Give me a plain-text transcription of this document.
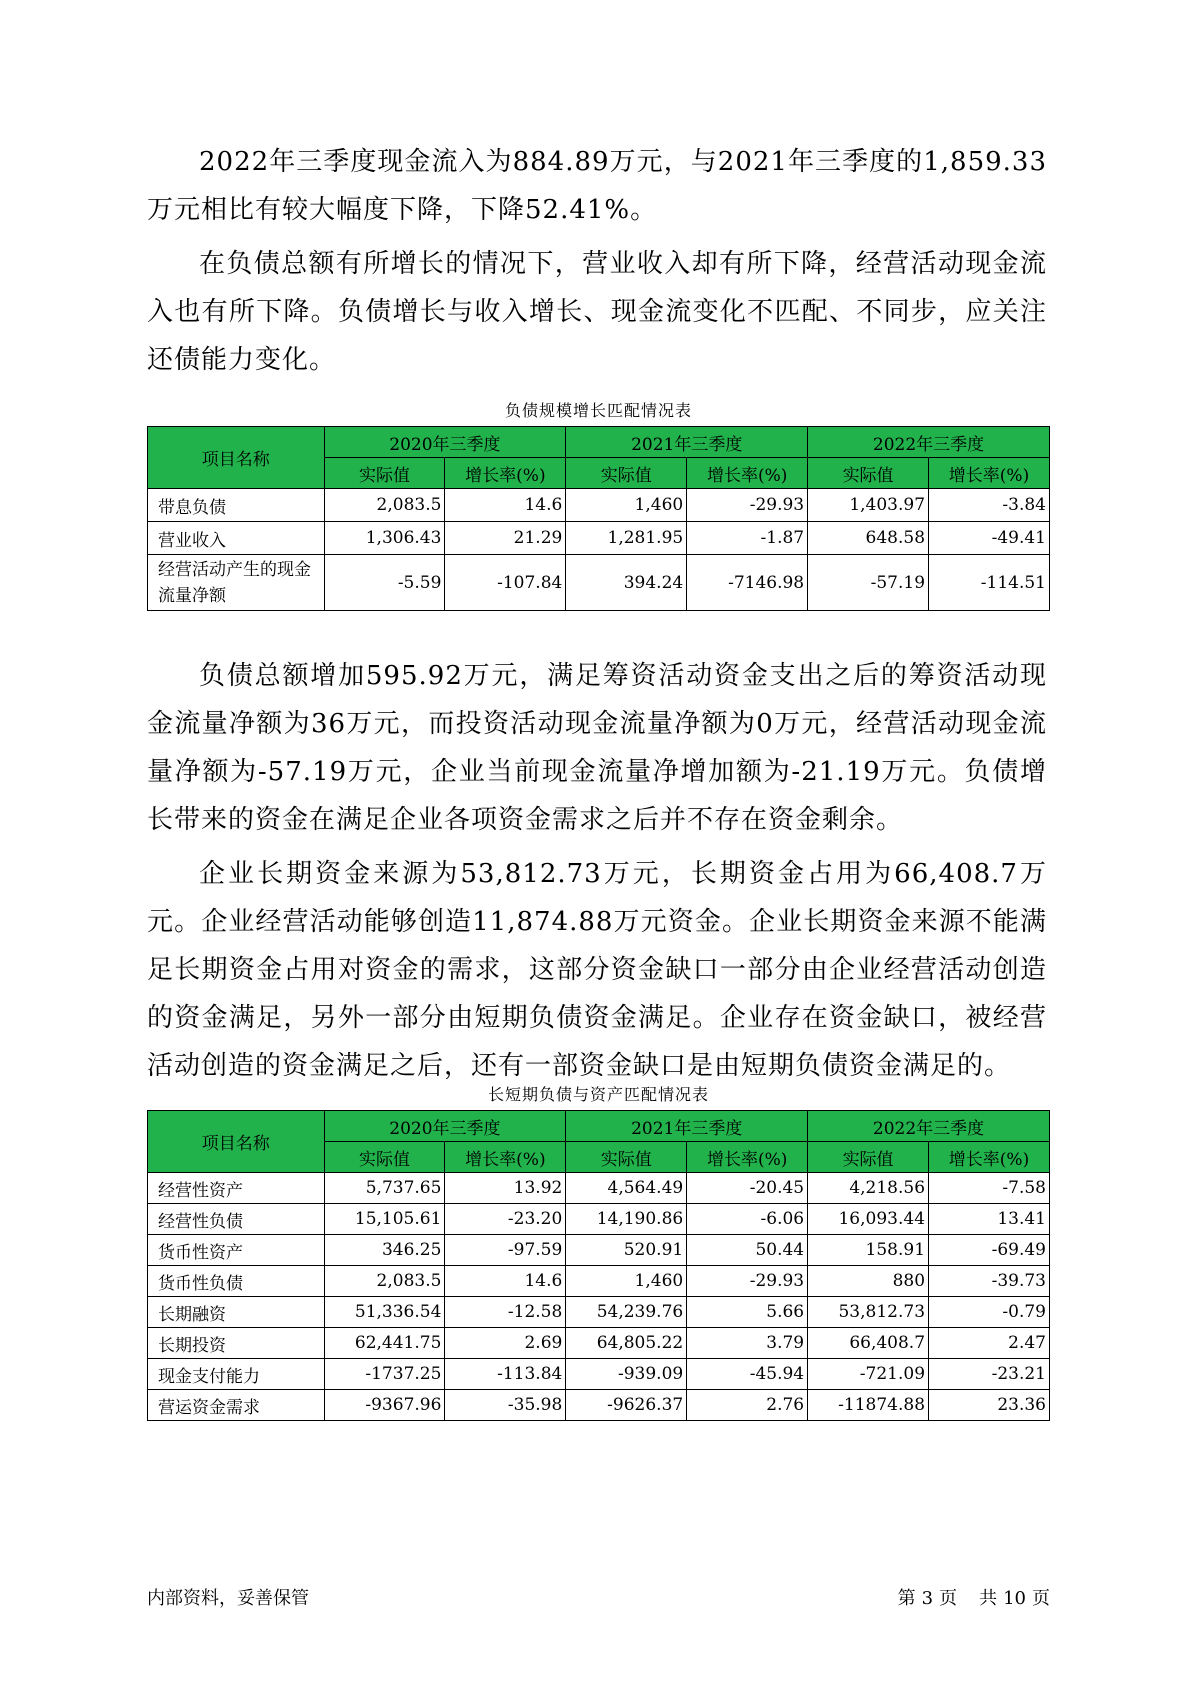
2022年三季度现金流入为884.89万元，与2021年三季度的1,859.33万元相比有较大幅度下降，下降52.41%。

在负债总额有所增长的情况下，营业收入却有所下降，经营活动现金流入也有所下降。负债增长与收入增长、现金流变化不匹配、不同步，应关注还债能力变化。

负债规模增长匹配情况表
项目名称	2020年三季度		2021年三季度		2022年三季度	
	实际值	增长率(%)	实际值	增长率(%)	实际值	增长率(%)
带息负债	2,083.5	14.6	1,460	-29.93	1,403.97	-3.84
营业收入	1,306.43	21.29	1,281.95	-1.87	648.58	-49.41
经营活动产生的现金流量净额	-5.59	-107.84	394.24	-7146.98	-57.19	-114.51

负债总额增加595.92万元，满足筹资活动资金支出之后的筹资活动现金流量净额为36万元，而投资活动现金流量净额为0万元，经营活动现金流量净额为-57.19万元，企业当前现金流量净增加额为-21.19万元。负债增长带来的资金在满足企业各项资金需求之后并不存在资金剩余。

企业长期资金来源为53,812.73万元，长期资金占用为66,408.7万元。企业经营活动能够创造11,874.88万元资金。企业长期资金来源不能满足长期资金占用对资金的需求，这部分资金缺口一部分由企业经营活动创造的资金满足，另外一部分由短期负债资金满足。企业存在资金缺口，被经营活动创造的资金满足之后，还有一部资金缺口是由短期负债资金满足的。

长短期负债与资产匹配情况表
项目名称	2020年三季度		2021年三季度		2022年三季度	
	实际值	增长率(%)	实际值	增长率(%)	实际值	增长率(%)
经营性资产	5,737.65	13.92	4,564.49	-20.45	4,218.56	-7.58
经营性负债	15,105.61	-23.20	14,190.86	-6.06	16,093.44	13.41
货币性资产	346.25	-97.59	520.91	50.44	158.91	-69.49
货币性负债	2,083.5	14.6	1,460	-29.93	880	-39.73
长期融资	51,336.54	-12.58	54,239.76	5.66	53,812.73	-0.79
长期投资	62,441.75	2.69	64,805.22	3.79	66,408.7	2.47
现金支付能力	-1737.25	-113.84	-939.09	-45.94	-721.09	-23.21
营运资金需求	-9367.96	-35.98	-9626.37	2.76	-11874.88	23.36
内部资料，妥善保管	第 3 页 共 10 页
